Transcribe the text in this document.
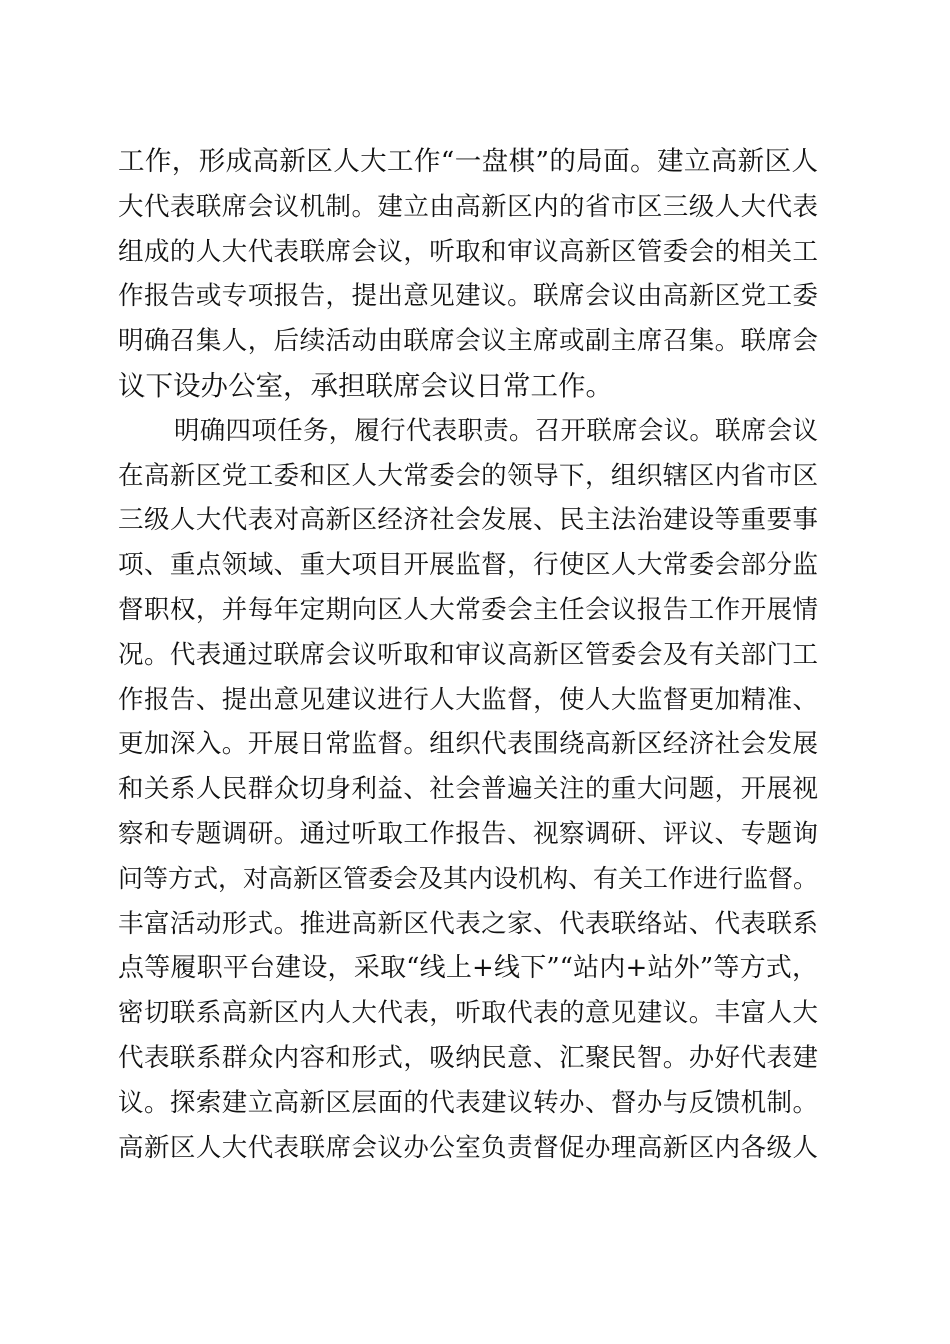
工作，形成高新区人大工作“一盘棋”的局面。建立高新区人
大代表联席会议机制。建立由高新区内的省市区三级人大代表
组成的人大代表联席会议，听取和审议高新区管委会的相关工
作报告或专项报告，提出意见建议。联席会议由高新区党工委
明确召集人，后续活动由联席会议主席或副主席召集。联席会
议下设办公室，承担联席会议日常工作。
明确四项任务，履行代表职责。召开联席会议。联席会议
在高新区党工委和区人大常委会的领导下，组织辖区内省市区
三级人大代表对高新区经济社会发展、民主法治建设等重要事
项、重点领域、重大项目开展监督，行使区人大常委会部分监
督职权，并每年定期向区人大常委会主任会议报告工作开展情
况。代表通过联席会议听取和审议高新区管委会及有关部门工
作报告、提出意见建议进行人大监督，使人大监督更加精准、
更加深入。开展日常监督。组织代表围绕高新区经济社会发展
和关系人民群众切身利益、社会普遍关注的重大问题，开展视
察和专题调研。通过听取工作报告、视察调研、评议、专题询
问等方式，对高新区管委会及其内设机构、有关工作进行监督。
丰富活动形式。推进高新区代表之家、代表联络站、代表联系
点等履职平台建设，采取“线上+线下”“站内+站外”等方式，
密切联系高新区内人大代表，听取代表的意见建议。丰富人大
代表联系群众内容和形式，吸纳民意、汇聚民智。办好代表建
议。探索建立高新区层面的代表建议转办、督办与反馈机制。
高新区人大代表联席会议办公室负责督促办理高新区内各级人
